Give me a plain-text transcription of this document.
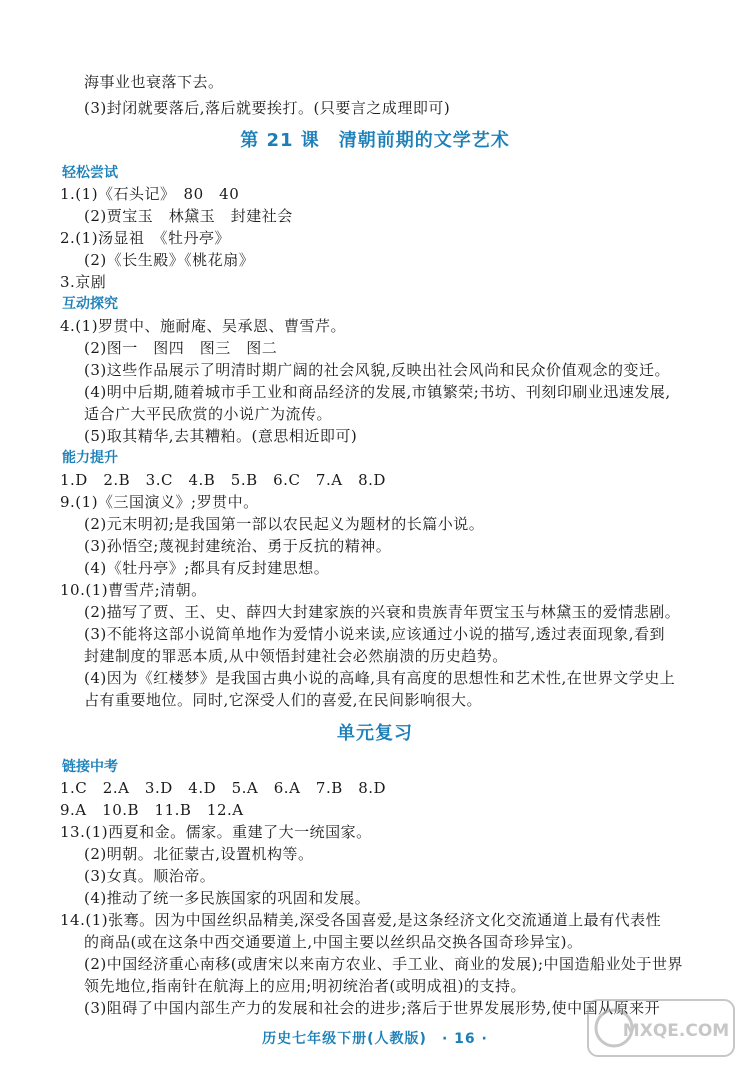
海事业也衰落下去。
(3)封闭就要落后,落后就要挨打。(只要言之成理即可)
第 21 课　清朝前期的文学艺术
轻松尝试
1.(1)《石头记》　80　40
(2)贾宝玉　林黛玉　封建社会
2.(1)汤显祖　《牡丹亭》
(2)《长生殿》《桃花扇》
3.京剧
互动探究
4.(1)罗贯中、施耐庵、吴承恩、曹雪芹。
(2)图一　图四　图三　图二
(3)这些作品展示了明清时期广阔的社会风貌,反映出社会风尚和民众价值观念的变迁。
(4)明中后期,随着城市手工业和商品经济的发展,市镇繁荣;书坊、刊刻印刷业迅速发展,
适合广大平民欣赏的小说广为流传。
(5)取其精华,去其糟粕。(意思相近即可)
能力提升
1.D　2.B　3.C　4.B　5.B　6.C　7.A　8.D
9.(1)《三国演义》;罗贯中。
(2)元末明初;是我国第一部以农民起义为题材的长篇小说。
(3)孙悟空;蔑视封建统治、勇于反抗的精神。
(4)《牡丹亭》;都具有反封建思想。
10.(1)曹雪芹;清朝。
(2)描写了贾、王、史、薛四大封建家族的兴衰和贵族青年贾宝玉与林黛玉的爱情悲剧。
(3)不能将这部小说简单地作为爱情小说来读,应该通过小说的描写,透过表面现象,看到
封建制度的罪恶本质,从中领悟封建社会必然崩溃的历史趋势。
(4)因为《红楼梦》是我国古典小说的高峰,具有高度的思想性和艺术性,在世界文学史上
占有重要地位。同时,它深受人们的喜爱,在民间影响很大。
单元复习
链接中考
1.C　2.A　3.D　4.D　5.A　6.A　7.B　8.D
9.A　10.B　11.B　12.A
13.(1)西夏和金。儒家。重建了大一统国家。
(2)明朝。北征蒙古,设置机构等。
(3)女真。顺治帝。
(4)推动了统一多民族国家的巩固和发展。
14.(1)张骞。因为中国丝织品精美,深受各国喜爱,是这条经济文化交流通道上最有代表性
的商品(或在这条中西交通要道上,中国主要以丝织品交换各国奇珍异宝)。
(2)中国经济重心南移(或唐宋以来南方农业、手工业、商业的发展);中国造船业处于世界
领先地位,指南针在航海上的应用;明初统治者(或明成祖)的支持。
(3)阻碍了中国内部生产力的发展和社会的进步;落后于世界发展形势,使中国从原来开
历史七年级下册(人教版)　· 16 ·	MXQE.COM
